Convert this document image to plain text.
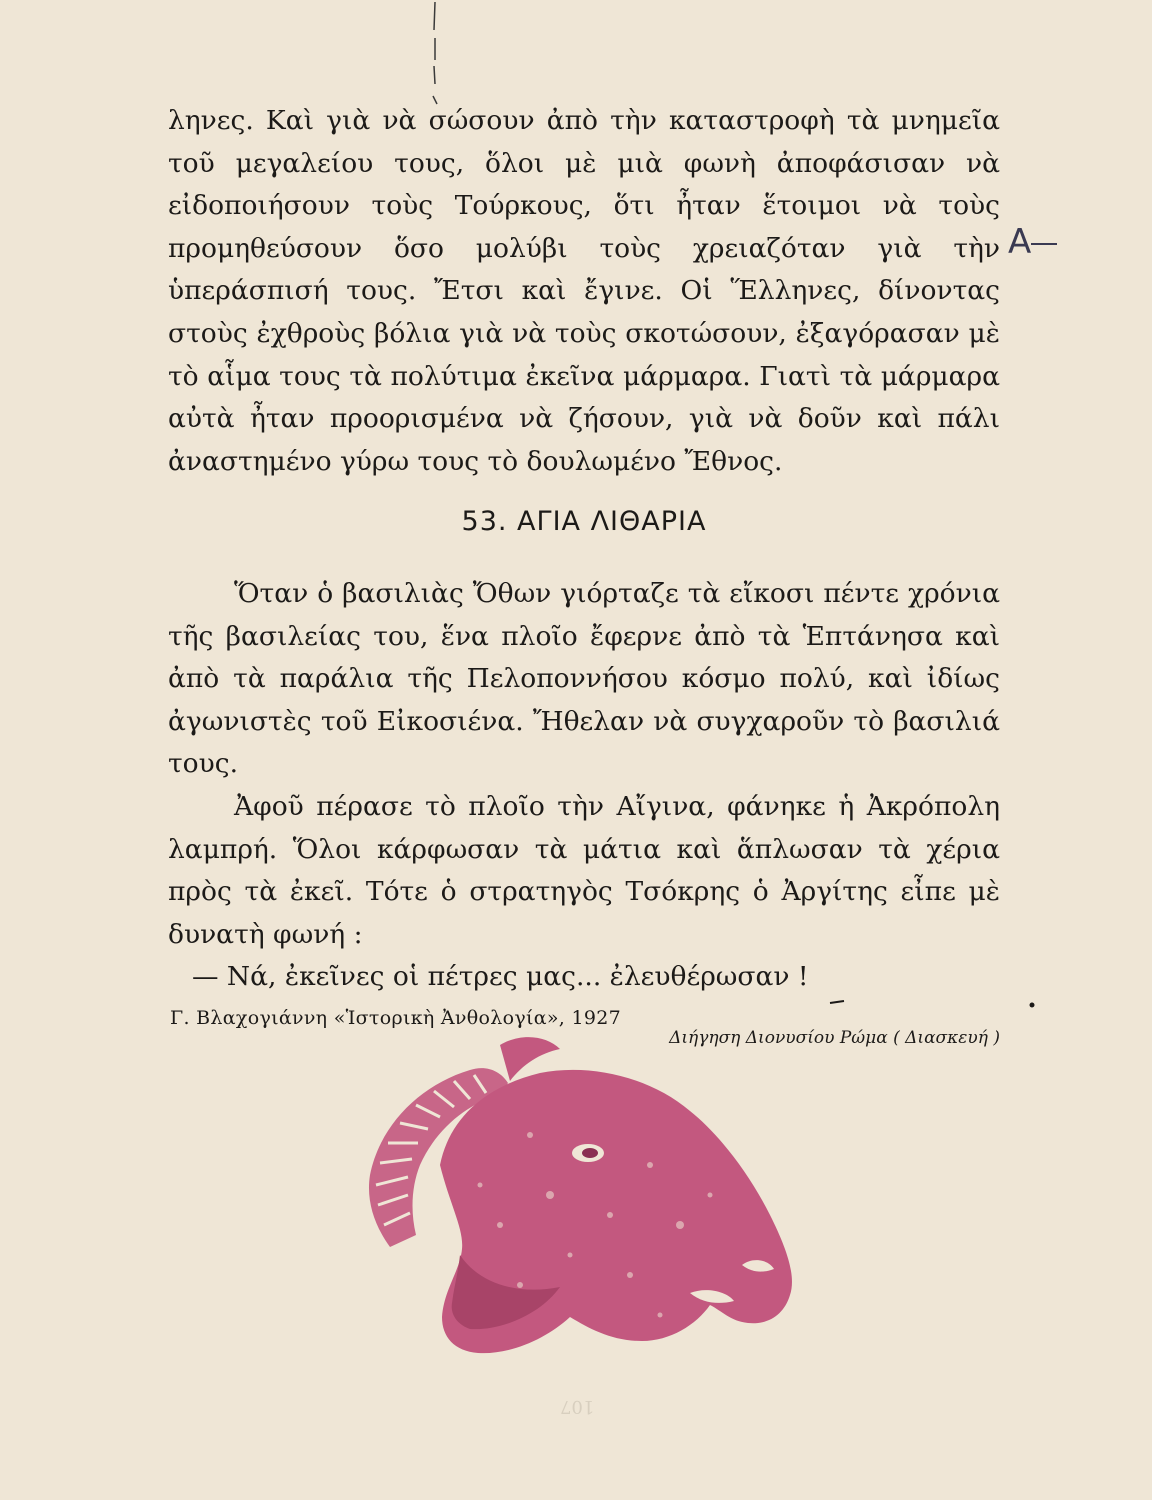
107

ληνες. Καὶ γιὰ νὰ σώσουν ἀπὸ τὴν καταστροφὴ τὰ μνημεῖα τοῦ μεγαλείου τους, ὅλοι μὲ μιὰ φωνὴ ἀποφάσισαν νὰ εἰδοποιήσουν τοὺς Τούρκους, ὅτι ἦταν ἕτοιμοι νὰ τοὺς προμηθεύσουν ὅσο μολύβι τοὺς χρειαζόταν γιὰ τὴν ὑπεράσπισή τους. Ἔτσι καὶ ἔγινε. Οἱ Ἕλληνες, δίνοντας στοὺς ἐχθροὺς βόλια γιὰ νὰ τοὺς σκοτώσουν, ἐξαγόρασαν μὲ τὸ αἷμα τους τὰ πολύτιμα ἐκεῖνα μάρμαρα. Γιατὶ τὰ μάρμαρα αὐτὰ ἦταν προορισμένα νὰ ζήσουν, γιὰ νὰ δοῦν καὶ πάλι ἀναστημένο γύρω τους τὸ δουλωμένο Ἔθνος.

A
53. ΑΓΙΑ ΛΙΘΑΡΙΑ

Ὅταν ὁ βασιλιὰς Ὄθων γιόρταζε τὰ εἴκοσι πέντε χρόνια τῆς βασιλείας του, ἕνα πλοῖο ἔφερνε ἀπὸ τὰ Ἑπτάνησα καὶ ἀπὸ τὰ παράλια τῆς Πελοποννήσου κόσμο πολύ, καὶ ἰδίως ἀγωνιστὲς τοῦ Εἰκοσιένα. Ἤθελαν νὰ συγχαροῦν τὸ βασιλιά τους.

Ἀφοῦ πέρασε τὸ πλοῖο τὴν Αἴγινα, φάνηκε ἡ Ἀκρόπολη λαμπρή. Ὅλοι κάρφωσαν τὰ μάτια καὶ ἅπλωσαν τὰ χέρια πρὸς τὰ ἐκεῖ. Τότε ὁ στρατηγὸς Τσόκρης ὁ Ἀργίτης εἶπε μὲ δυνατὴ φωνή :

— Νά, ἐκεῖνες οἱ πέτρες μας... ἐλευθέρωσαν !

Γ. Βλαχογιάννη «Ἱστορικὴ Ἀνθολογία», 1927
Διήγηση Διονυσίου Ρώμα ( Διασκευή )
